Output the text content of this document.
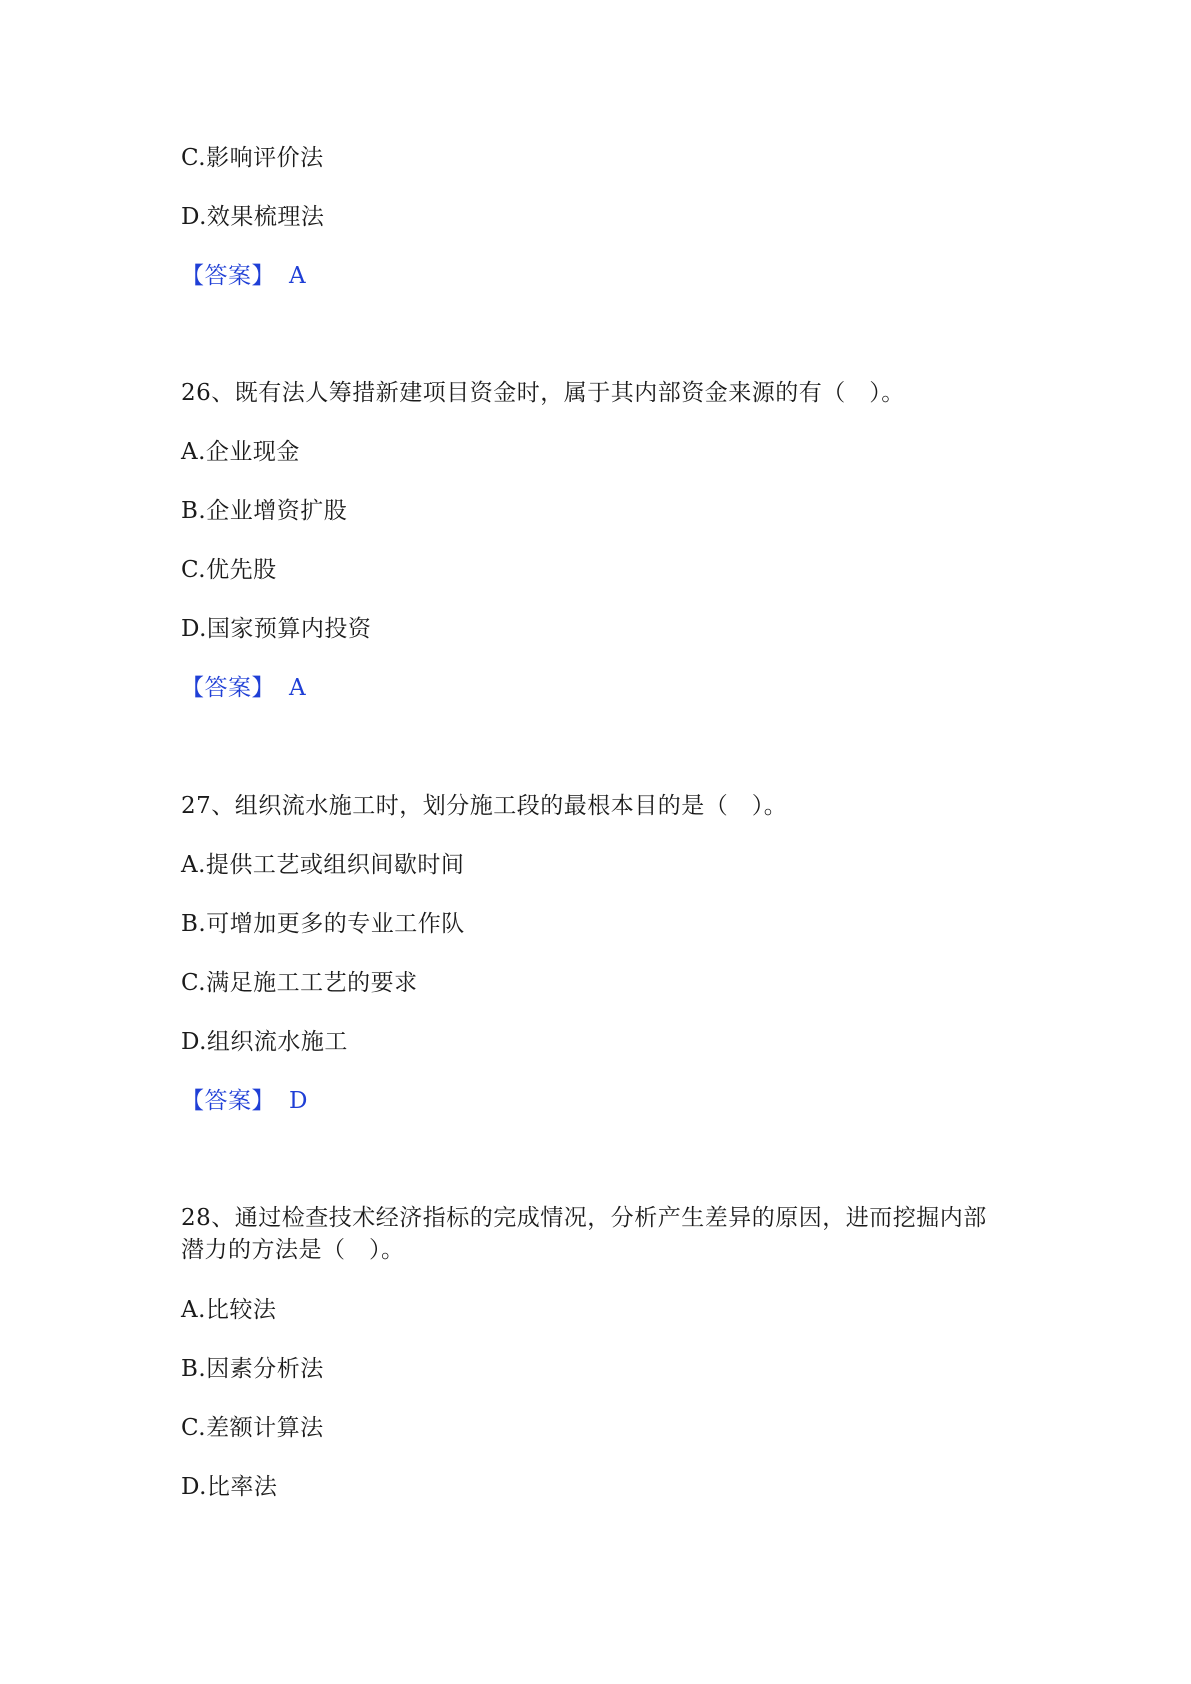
C.影响评价法
D.效果梳理法
【答案】 A
26、既有法人筹措新建项目资金时，属于其内部资金来源的有（　）。
A.企业现金
B.企业增资扩股
C.优先股
D.国家预算内投资
【答案】 A
27、组织流水施工时，划分施工段的最根本目的是（　）。
A.提供工艺或组织间歇时间
B.可增加更多的专业工作队
C.满足施工工艺的要求
D.组织流水施工
【答案】 D
28、通过检查技术经济指标的完成情况，分析产生差异的原因，进而挖掘内部
潜力的方法是（　）。
A.比较法
B.因素分析法
C.差额计算法
D.比率法
